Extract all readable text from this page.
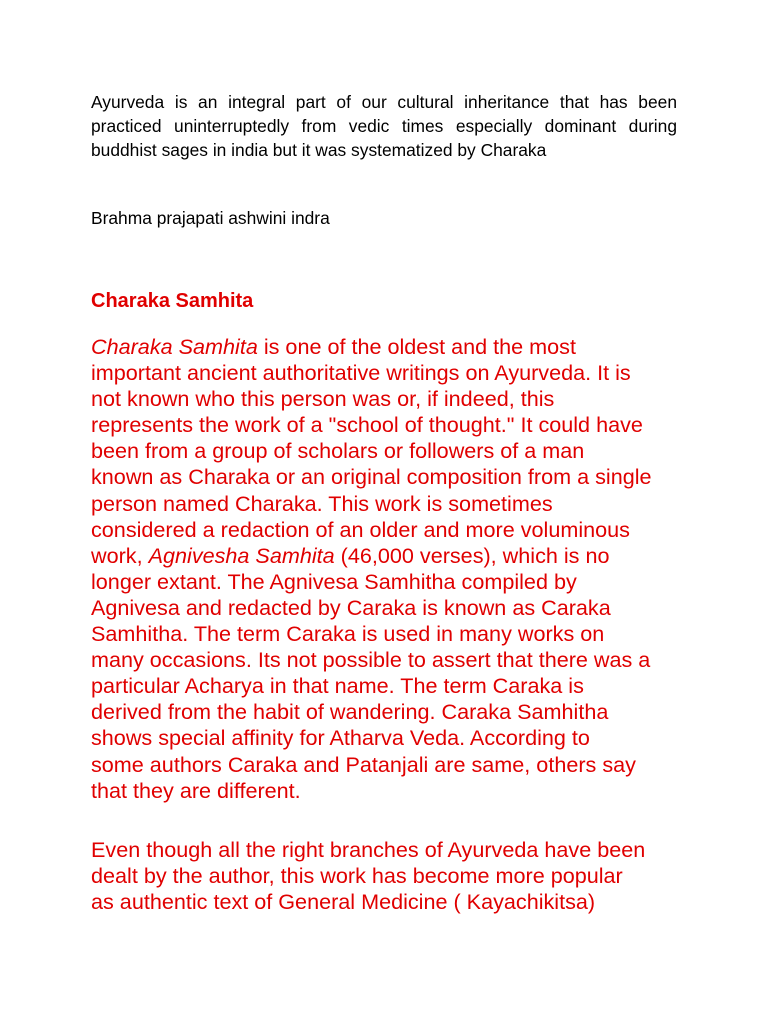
Ayurveda is an integral part of our cultural inheritance that has been practiced uninterruptedly from vedic times especially dominant during buddhist sages in india but it was systematized by Charaka

Brahma prajapati ashwini indra

Charaka Samhita

Charaka Samhita is one of the oldest and the most
important ancient authoritative writings on Ayurveda. It is
not known who this person was or, if indeed, this
represents the work of a "school of thought." It could have
been from a group of scholars or followers of a man
known as Charaka or an original composition from a single
person named Charaka. This work is sometimes
considered a redaction of an older and more voluminous
work, Agnivesha Samhita (46,000 verses), which is no
longer extant. The Agnivesa Samhitha compiled by
Agnivesa and redacted by Caraka is known as Caraka
Samhitha. The term Caraka is used in many works on
many occasions. Its not possible to assert that there was a
particular Acharya in that name. The term Caraka is
derived from the habit of wandering. Caraka Samhitha
shows special affinity for Atharva Veda. According to
some authors Caraka and Patanjali are same, others say
that they are different.

Even though all the right branches of Ayurveda have been
dealt by the author, this work has become more popular
as authentic text of General Medicine ( Kayachikitsa)
